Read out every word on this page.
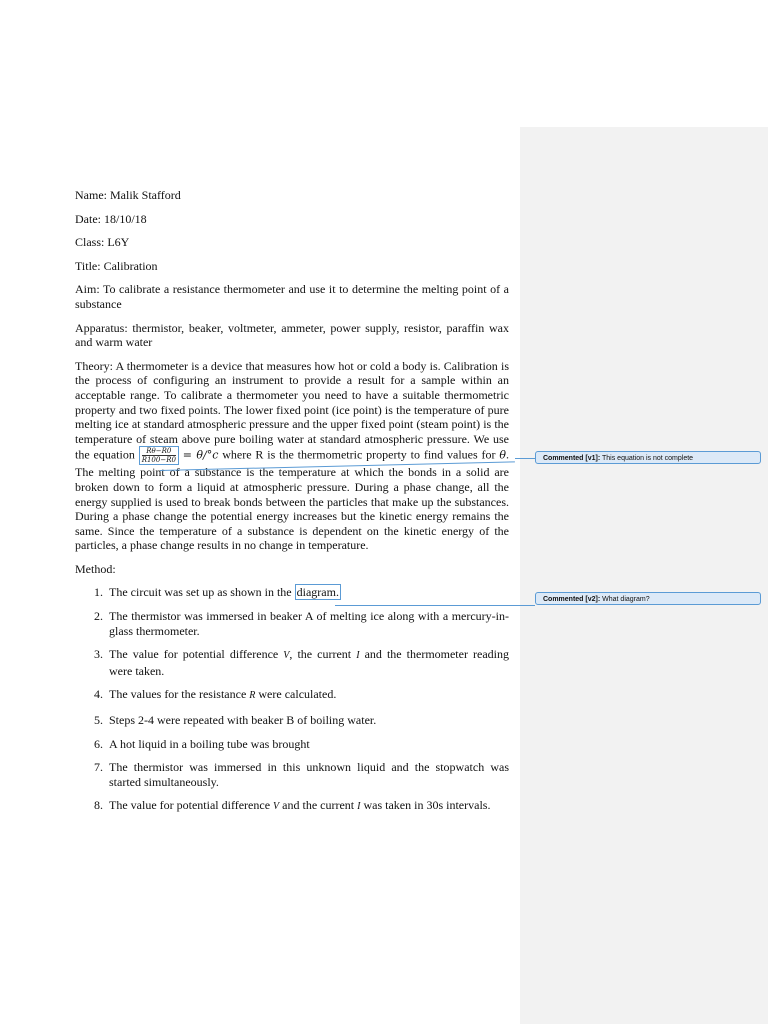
Name: Malik Stafford

Date: 18/10/18

Class: L6Y

Title: Calibration

Aim: To calibrate a resistance thermometer and use it to determine the melting point of a substance

Apparatus: thermistor, beaker, voltmeter, ammeter, power supply, resistor, paraffin wax and warm water

Theory: A thermometer is a device that measures how hot or cold a body is. Calibration is the process of configuring an instrument to provide a result for a sample within an acceptable range. To calibrate a thermometer you need to have a suitable thermometric property and two fixed points. The lower fixed point (ice point) is the temperature of pure melting ice at standard atmospheric pressure and the upper fixed point (steam point) is the temperature of steam above pure boiling water at standard atmospheric pressure. We use the equation $\frac{R\theta-R0}{R100-R0} = \theta/^\circ c$ where R is the thermometric property to find values for θ. The melting point of a substance is the temperature at which the bonds in a solid are broken down to form a liquid at atmospheric pressure. During a phase change, all the energy supplied is used to break bonds between the particles that make up the substances. During a phase change the potential energy increases but the kinetic energy remains the same. Since the temperature of a substance is dependent on the kinetic energy of the particles, a phase change results in no change in temperature.

Method:

1. The circuit was set up as shown in the diagram.
2. The thermistor was immersed in beaker A of melting ice along with a mercury-in-glass thermometer.
3. The value for potential difference V, the current I and the thermometer reading were taken.
4. The values for the resistance R were calculated.
5. Steps 2-4 were repeated with beaker B of boiling water.
6. A hot liquid in a boiling tube was brought
7. The thermistor was immersed in this unknown liquid and the stopwatch was started simultaneously.
8. The value for potential difference V and the current I was taken in 30s intervals.
Commented [v1]: This equation is not complete
Commented [v2]: What diagram?
